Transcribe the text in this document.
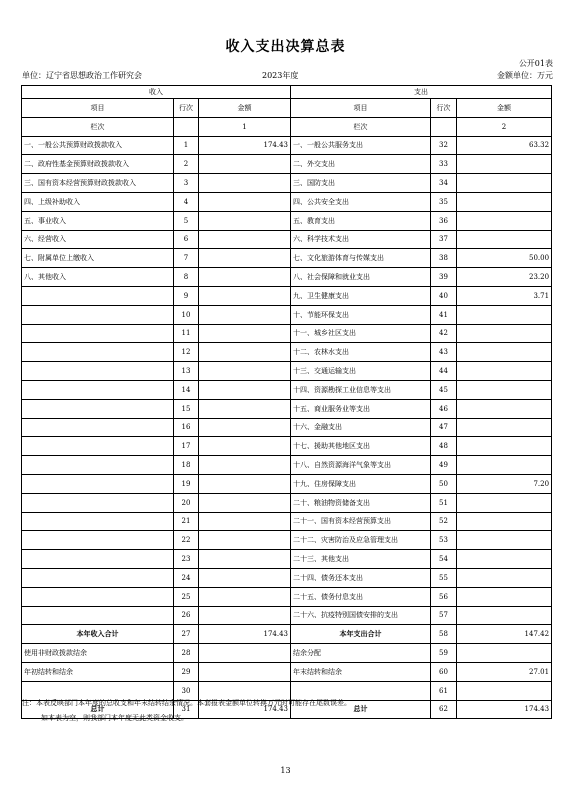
收入支出决算总表
公开01表
单位：辽宁省思想政治工作研究会	2023年度	金额单位：万元
收入			支出		
项目	行次	金额	项目	行次	金额
栏次		1	栏次		2
一、一般公共预算财政拨款收入	1	174.43	一、一般公共服务支出	32	63.32
二、政府性基金预算财政拨款收入	2		二、外交支出	33	
三、国有资本经营预算财政拨款收入	3		三、国防支出	34	
四、上级补助收入	4		四、公共安全支出	35	
五、事业收入	5		五、教育支出	36	
六、经营收入	6		六、科学技术支出	37	
七、附属单位上缴收入	7		七、文化旅游体育与传媒支出	38	50.00
八、其他收入	8		八、社会保障和就业支出	39	23.20
	9		九、卫生健康支出	40	3.71
	10		十、节能环保支出	41	
	11		十一、城乡社区支出	42	
	12		十二、农林水支出	43	
	13		十三、交通运输支出	44	
	14		十四、资源勘探工业信息等支出	45	
	15		十五、商业服务业等支出	46	
	16		十六、金融支出	47	
	17		十七、援助其他地区支出	48	
	18		十八、自然资源海洋气象等支出	49	
	19		十九、住房保障支出	50	7.20
	20		二十、粮油物资储备支出	51	
	21		二十一、国有资本经营预算支出	52	
	22		二十二、灾害防治及应急管理支出	53	
	23		二十三、其他支出	54	
	24		二十四、债务还本支出	55	
	25		二十五、债务付息支出	56	
	26		二十六、抗疫特别国债安排的支出	57	
本年收入合计	27	174.43	本年支出合计	58	147.42
使用非财政拨款结余	28		结余分配	59	
年初结转和结余	29		年末结转和结余	60	27.01
	30			61	
总计	31	174.43	总计	62	174.43
注：本表反映部门本年度的总收支和年末结转结余情况。本套报表金额单位转换万元时可能存在尾数误差。
如本表为空，则我部门本年度无此类资金收支。
13
